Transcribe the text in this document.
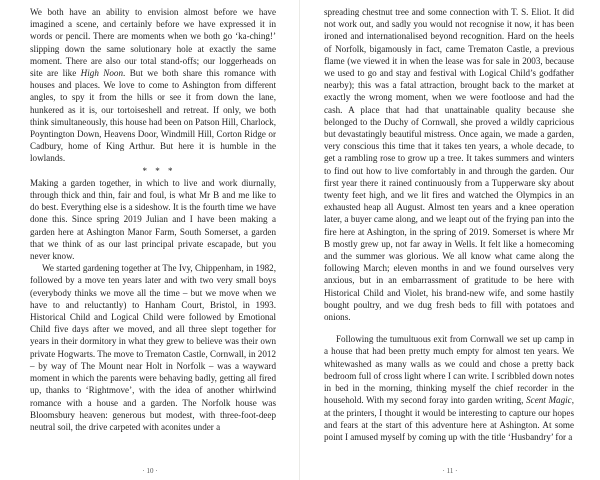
We both have an ability to envision almost before we have imagined a scene, and certainly before we have expressed it in words or pencil. There are moments when we both go ‘ka-ching!’ slipping down the same solutionary hole at exactly the same moment. There are also our total stand-offs; our loggerheads on site are like High Noon. But we both share this romance with houses and places. We love to come to Ashington from different angles, to spy it from the hills or see it from down the lane, hunkered as it is, our tortoiseshell and retreat. If only, we both think simultaneously, this house had been on Patson Hill, Charlock, Poyntington Down, Heavens Door, Windmill Hill, Corton Ridge or Cadbury, home of King Arthur. But here it is humble in the lowlands.

* * *

Making a garden together, in which to live and work diurnally, through thick and thin, fair and foul, is what Mr B and me like to do best. Everything else is a sideshow. It is the fourth time we have done this. Since spring 2019 Julian and I have been making a garden here at Ashington Manor Farm, South Somerset, a garden that we think of as our last principal private escapade, but you never know.

We started gardening together at The Ivy, Chippenham, in 1982, followed by a move ten years later and with two very small boys (everybody thinks we move all the time – but we move when we have to and reluctantly) to Hanham Court, Bristol, in 1993. Historical Child and Logical Child were followed by Emotional Child five days after we moved, and all three slept together for years in their dormitory in what they grew to believe was their own private Hogwarts. The move to Trematon Castle, Cornwall, in 2012 – by way of The Mount near Holt in Norfolk – was a wayward moment in which the parents were behaving badly, getting all fired up, thanks to ‘Rightmove’, with the idea of another whirlwind romance with a house and a garden. The Norfolk house was Bloomsbury heaven: generous but modest, with three-foot-deep neutral soil, the drive carpeted with aconites under a

· 10 ·

spreading chestnut tree and some connection with T. S. Eliot. It did not work out, and sadly you would not recognise it now, it has been ironed and internationalised beyond recognition. Hard on the heels of Norfolk, bigamously in fact, came Trematon Castle, a previous flame (we viewed it in when the lease was for sale in 2003, because we used to go and stay and festival with Logical Child’s godfather nearby); this was a fatal attraction, brought back to the market at exactly the wrong moment, when we were footloose and had the cash. A place that had that unattainable quality because she belonged to the Duchy of Cornwall, she proved a wildly capricious but devastatingly beautiful mistress. Once again, we made a garden, very conscious this time that it takes ten years, a whole decade, to get a rambling rose to grow up a tree. It takes summers and winters to find out how to live comfortably in and through the garden. Our first year there it rained continuously from a Tupperware sky about twenty feet high, and we lit fires and watched the Olympics in an exhausted heap all August. Almost ten years and a knee operation later, a buyer came along, and we leapt out of the frying pan into the fire here at Ashington, in the spring of 2019. Somerset is where Mr B mostly grew up, not far away in Wells. It felt like a homecoming and the summer was glorious. We all know what came along the following March; eleven months in and we found ourselves very anxious, but in an embarrassment of gratitude to be here with Historical Child and Violet, his brand-new wife, and some hastily bought poultry, and we dug fresh beds to fill with potatoes and onions.

Following the tumultuous exit from Cornwall we set up camp in a house that had been pretty much empty for almost ten years. We whitewashed as many walls as we could and chose a pretty back bedroom full of cross light where I can write. I scribbled down notes in bed in the morning, thinking myself the chief recorder in the household. With my second foray into garden writing, Scent Magic, at the printers, I thought it would be interesting to capture our hopes and fears at the start of this adventure here at Ashington. At some point I amused myself by coming up with the title ‘Husbandry’ for a

· 11 ·
